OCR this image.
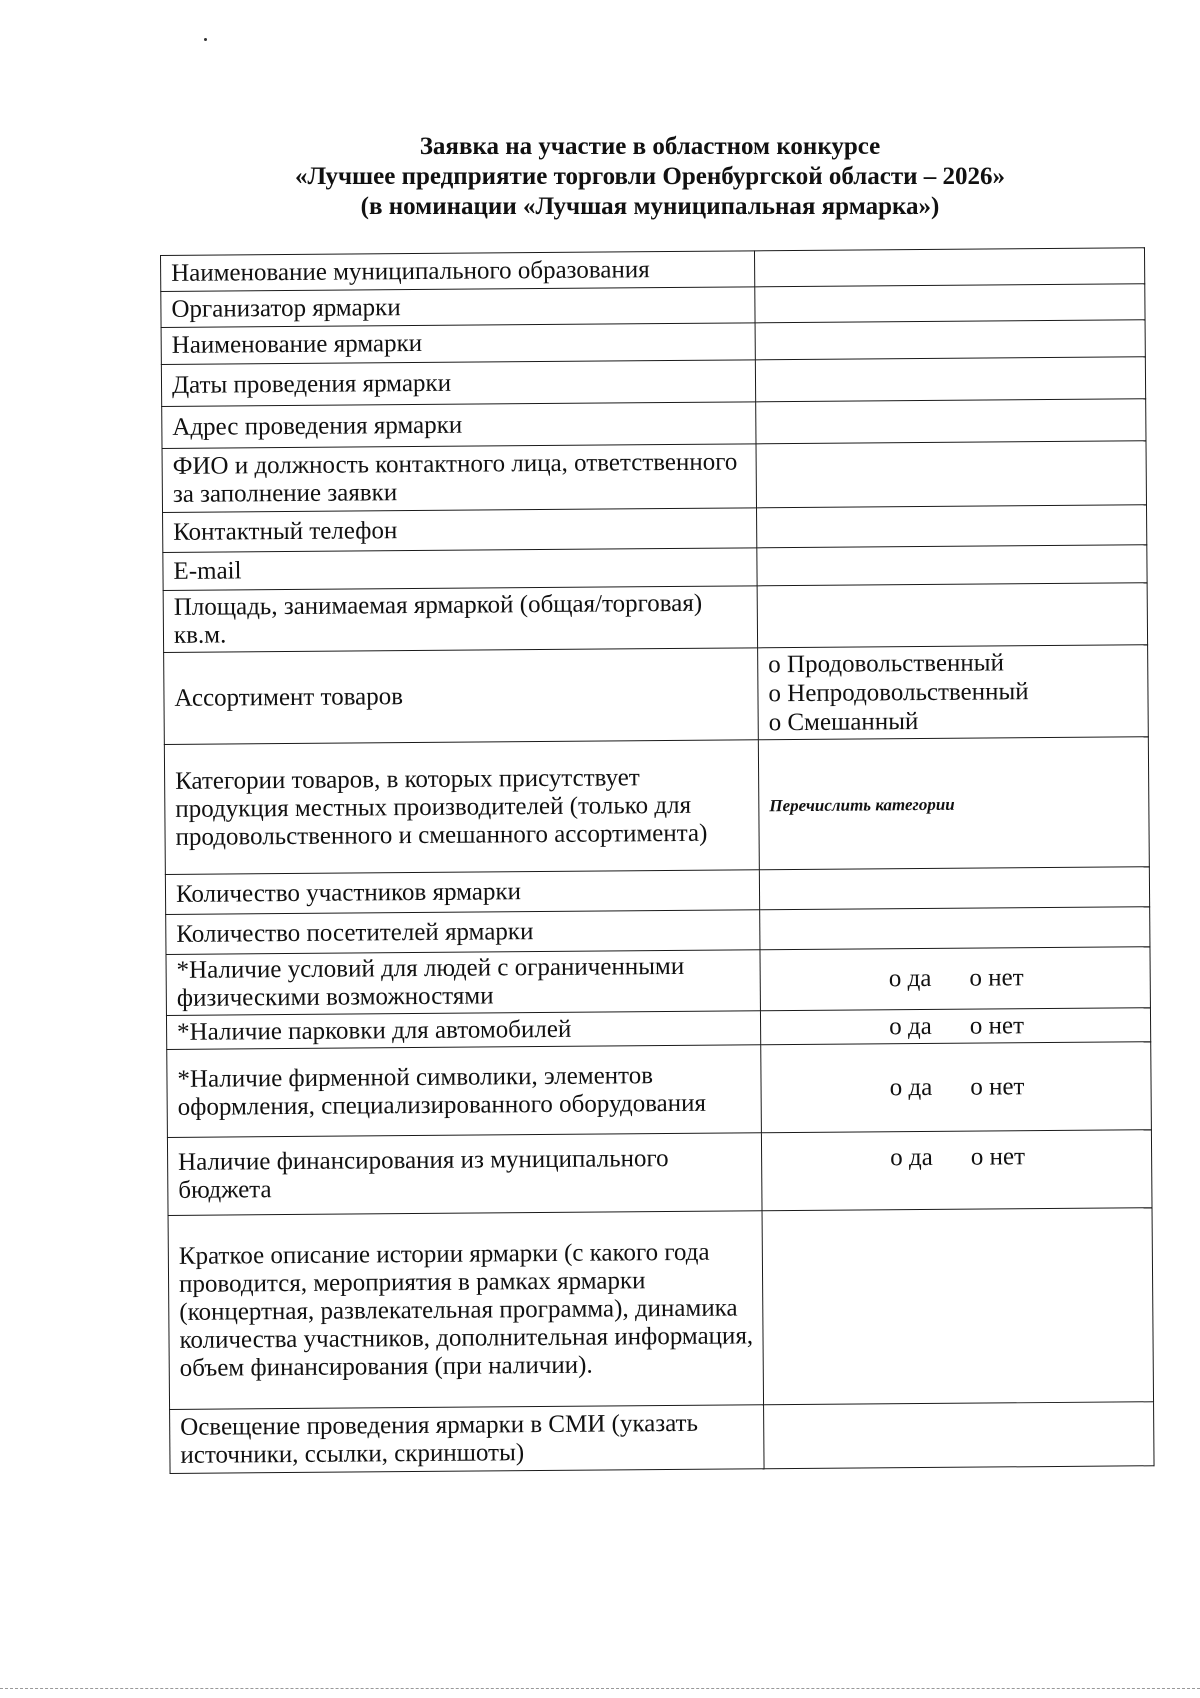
Заявка на участие в областном конкурсе
«Лучшее предприятие торговли Оренбургской области – 2026»
(в номинации «Лучшая муниципальная ярмарка»)
Наименование муниципального образования	
Организатор ярмарки	
Наименование ярмарки	
Даты проведения ярмарки	
Адрес проведения ярмарки	
ФИО и должность контактного лица, ответственного за заполнение заявки	
Контактный телефон	
E-mail	
Площадь, занимаемая ярмаркой (общая/торговая) кв.м.	
Ассортимент товаров	о Продовольственный
о Непродовольственный
о Смешанный

Категории товаров, в которых присутствует продукция местных производителей (только для продовольственного и смешанного ассортимента)	Перечислить категории
Количество участников ярмарки	
Количество посетителей ярмарки	
*Наличие условий для людей с ограниченными физическими возможностями	о да о нет
*Наличие парковки для автомобилей	о да о нет
*Наличие фирменной символики, элементов оформления, специализированного оборудования	о да о нет
Наличие финансирования из муниципального бюджета	о да о нет
Краткое описание истории ярмарки (с какого года проводится, мероприятия в рамках ярмарки (концертная, развлекательная программа), динамика количества участников, дополнительная информация, объем финансирования (при наличии).	
Освещение проведения ярмарки в СМИ (указать источники, ссылки, скриншоты)	
